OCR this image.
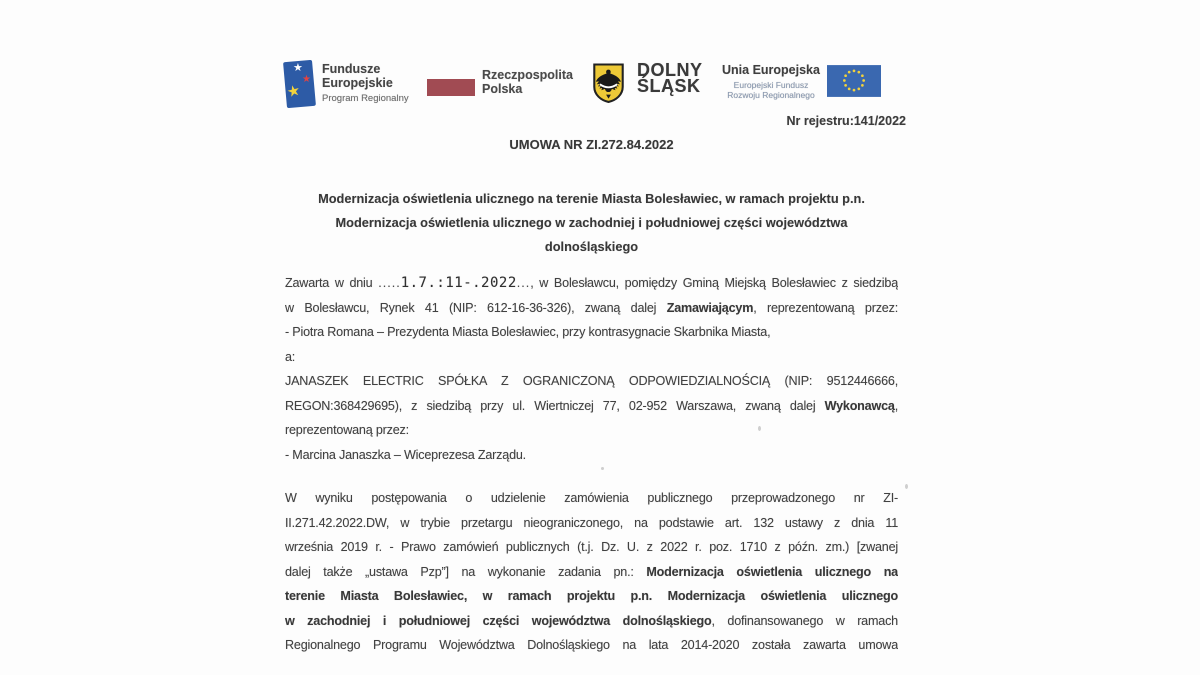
★
★
★
Fundusze
Europejskie
Program Regionalny
Rzeczpospolita
Polska
DOLNY
ŚLĄSK
Unia Europejska
Europejski Fundusz
Rozwoju Regionalnego
Nr rejestru:141/2022
UMOWA NR ZI.272.84.2022
Modernizacja oświetlenia ulicznego na terenie Miasta Bolesławiec, w ramach projektu p.n.
Modernizacja oświetlenia ulicznego w zachodniej i południowej części województwa
dolnośląskiego
Zawarta w dniu .....1.7.:11-.2022..., w Bolesławcu, pomiędzy Gminą Miejską Bolesławiec z siedzibą
w Bolesławcu, Rynek 41 (NIP: 612-16-36-326), zwaną dalej Zamawiającym, reprezentowaną przez:
- Piotra Romana – Prezydenta Miasta Bolesławiec, przy kontrasygnacie Skarbnika Miasta,
a:
JANASZEK ELECTRIC SPÓŁKA Z OGRANICZONĄ ODPOWIEDZIALNOŚCIĄ (NIP: 9512446666,
REGON:368429695), z siedzibą przy ul. Wiertniczej 77, 02-952 Warszawa, zwaną dalej Wykonawcą,
reprezentowaną przez:
- Marcina Janaszka – Wiceprezesa Zarządu.
W wyniku postępowania o udzielenie zamówienia publicznego przeprowadzonego nr ZI-
II.271.42.2022.DW, w trybie przetargu nieograniczonego, na podstawie art. 132 ustawy z dnia 11
września 2019 r. - Prawo zamówień publicznych (t.j. Dz. U. z 2022 r. poz. 1710 z późn. zm.) [zwanej
dalej także „ustawa Pzp”] na wykonanie zadania pn.: Modernizacja oświetlenia ulicznego na
terenie Miasta Bolesławiec, w ramach projektu p.n. Modernizacja oświetlenia ulicznego
w zachodniej i południowej części województwa dolnośląskiego, dofinansowanego w ramach
Regionalnego Programu Województwa Dolnośląskiego na lata 2014-2020 została zawarta umowa
